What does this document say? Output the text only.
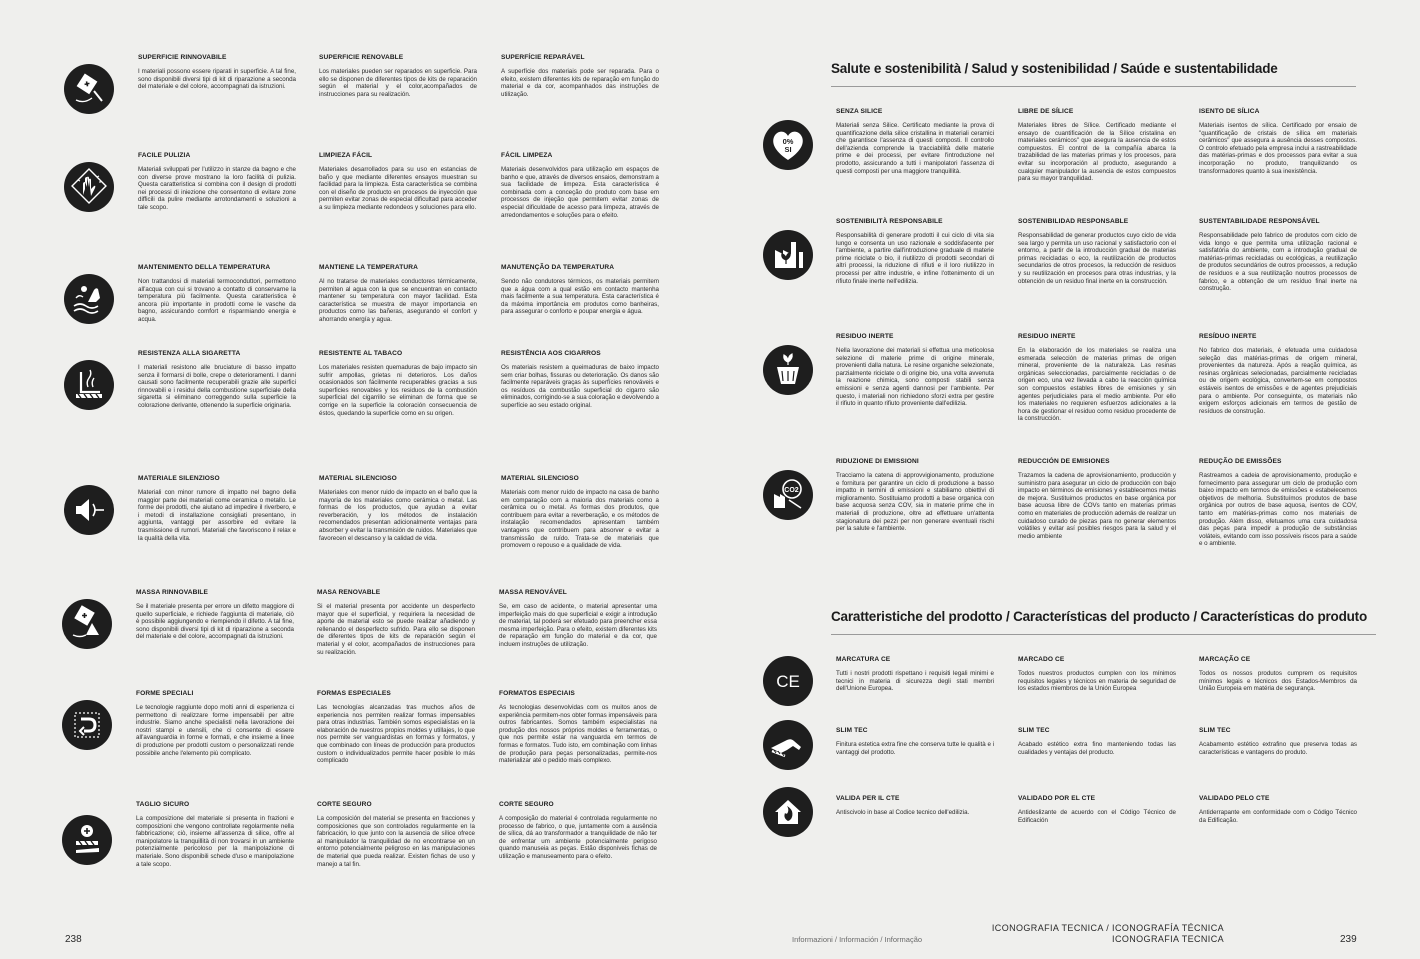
SUPERFICIE RINNOVABILE

I materiali possono essere riparati in superficie. A tal fine, sono disponibili diversi tipi di kit di riparazione a seconda del materiale e del colore, accompagnati da istruzioni.

SUPERFICIE RENOVABLE

Los materiales pueden ser reparados en superficie. Para ello se disponen de diferentes tipos de kits de reparación según el material y el color,acompañados de instrucciones para su realización.

SUPERFÍCIE REPARÁVEL

A superfície dos materiais pode ser reparada. Para o efeito, existem diferentes kits de reparação em função do material e da cor, acompanhados das instruções de utilização.

FACILE PULIZIA

Materiali sviluppati per l'utilizzo in stanze da bagno e che con diverse prove mostrano la loro facilità di pulizia. Questa caratteristica si combina con il design di prodotti nei processi di iniezione che consentono di evitare zone difficili da pulire mediante arrotondamenti e soluzioni a tale scopo.

LIMPIEZA FÁCIL

Materiales desarrollados para su uso en estancias de baño y que mediante diferentes ensayos muestran su facilidad para la limpieza. Esta característica se combina con el diseño de producto en procesos de inyección que permiten evitar zonas de especial dificultad para acceder a su limpieza mediante redondeos y soluciones para ello.

FÁCIL LIMPEZA

Materiais desenvolvidos para utilização em espaços de banho e que, através de diversos ensaios, demonstram a sua facilidade de limpeza. Esta característica é combinada com a conceção do produto com base em processos de injeção que permitem evitar zonas de especial dificuldade de acesso para limpeza, através de arredondamentos e soluções para o efeito.

MANTENIMENTO DELLA TEMPERATURA

Non trattandosi di materiali termoconduttori, permettono all'acqua con cui si trovano a contatto di conservarne la temperatura più facilmente. Questa caratteristica è ancora più importante in prodotti come le vasche da bagno, assicurando comfort e risparmiando energia e acqua.

MANTIENE LA TEMPERATURA

Al no tratarse de materiales conductores térmicamente, permiten al agua con la que se encuentran en contacto mantener su temperatura con mayor facilidad. Esta característica se muestra de mayor importancia en productos como las bañeras, asegurando el confort y ahorrando energía y agua.

MANUTENÇÃO DA TEMPERATURA

Sendo não condutores térmicos, os materiais permitem que a água com a qual estão em contacto mantenha mais facilmente a sua temperatura. Esta característica é da máxima importância em produtos como banheiras, para assegurar o conforto e poupar energia e água.

RESISTENZA ALLA SIGARETTA

I materiali resistono alle bruciature di basso impatto senza il formarsi di bolle, crepe o deterioramenti. I danni causati sono facilmente recuperabili grazie alle superfici rinnovabili e i residui della combustione superficiale della sigaretta si eliminano correggendo sulla superficie la colorazione derivante, ottenendo la superficie originaria.

RESISTENTE AL TABACO

Los materiales resisten quemaduras de bajo impacto sin sufrir ampollas, grietas ni deterioros. Los daños ocasionados son fácilmente recuperables gracias a sus superficies renovables y los residuos de la combustión superficial del cigarrillo se eliminan de forma que se corrige en la superficie la coloración consecuencia de éstos, quedando la superficie como en su origen.

RESISTÊNCIA AOS CIGARROS

Os materiais resistem a queimaduras de baixo impacto sem criar bolhas, fissuras ou deterioração. Os danos são facilmente reparáveis graças às superfícies renováveis e os resíduos da combustão superficial do cigarro são eliminados, corrigindo-se a sua coloração e devolvendo a superfície ao seu estado original.

MATERIALE SILENZIOSO

Materiali con minor rumore di impatto nel bagno della maggior parte dei materiali come ceramica o metallo. Le forme dei prodotti, che aiutano ad impedire il riverbero, e i metodi di installazione consigliati presentano, in aggiunta, vantaggi per assorbire ed evitare la trasmissione di rumori. Materiali che favoriscono il relax e la qualità della vita.

MATERIAL SILENCIOSO

Materiales con menor ruido de impacto en el baño que la mayoría de los materiales como cerámica o metal. Las formas de los productos, que ayudan a evitar reverberación, y los métodos de instalación recomendados presentan adicionalmente ventajas para absorber y evitar la transmisión de ruidos. Materiales que favorecen el descanso y la calidad de vida.

MATERIAL SILENCIOSO

Materiais com menor ruído de impacto na casa de banho em comparação com a maioria dos materiais como a cerâmica ou o metal. As formas dos produtos, que contribuem para evitar a reverberação, e os métodos de instalação recomendados apresentam também vantagens que contribuem para absorver e evitar a transmissão de ruído. Trata-se de materiais que promovem o repouso e a qualidade de vida.

MASSA RINNOVABILE

Se il materiale presenta per errore un difetto maggiore di quello superficiale, e richiede l'aggiunta di materiale, ciò è possibile aggiungendo e riempiendo il difetto. A tal fine, sono disponibili diversi tipi di kit di riparazione a seconda del materiale e del colore, accompagnati da istruzioni.

MASA RENOVABLE

Si el material presenta por accidente un desperfecto mayor que el superficial, y requiriera la necesidad de aporte de material esto se puede realizar añadiendo y rellenando el desperfecto sufrido. Para ello se disponen de diferentes tipos de kits de reparación según el material y el color, acompañados de instrucciones para su realización.

MASSA RENOVÁVEL

Se, em caso de acidente, o material apresentar uma imperfeição mais do que superficial e exigir a introdução de material, tal poderá ser efetuado para preencher essa mesma imperfeição. Para o efeito, existem diferentes kits de reparação em função do material e da cor, que incluem instruções de utilização.

FORME SPECIALI

Le tecnologie raggiunte dopo molti anni di esperienza ci permettono di realizzare forme impensabili per altre industrie. Siamo anche specialisti nella lavorazione dei nostri stampi e utensili, che ci consente di essere all'avanguardia in forme e formati, e che insieme a linee di produzione per prodotti custom o personalizzati rende possibile anche l'elemento più complicato.

FORMAS ESPECIALES

Las tecnologías alcanzadas tras muchos años de experiencia nos permiten realizar formas impensables para otras industrias. También somos especialistas en la elaboración de nuestros propios moldes y utillajes, lo que nos permite ser vanguardistas en formas y formatos, y que combinado con líneas de producción para productos custom o individualizados permite hacer posible lo más complicado

FORMATOS ESPECIAIS

As tecnologias desenvolvidas com os muitos anos de experiência permitem-nos obter formas impensáveis para outros fabricantes. Somos também especialistas na produção dos nossos próprios moldes e ferramentas, o que nos permite estar na vanguarda em termos de formas e formatos. Tudo isto, em combinação com linhas de produção para peças personalizadas, permite-nos materializar até o pedido mais complexo.

TAGLIO SICURO

La composizione del materiale si presenta in frazioni e composizioni che vengono controllate regolarmente nella fabbricazione; ciò, insieme all'assenza di silice, offre al manipolatore la tranquillità di non trovarsi in un ambiente potenzialmente pericoloso per la manipolazione di materiale. Sono disponibili schede d'uso e manipolazione a tale scopo.

CORTE SEGURO

La composición del material se presenta en fracciones y composiciones que son controlados regularmente en la fabricación, lo que junto con la ausencia de sílice ofrece al manipulador la tranquilidad de no encontrarse en un entorno potencialmente peligroso en las manipulaciones de material que pueda realizar. Existen fichas de uso y manejo a tal fin.

CORTE SEGURO

A composição do material é controlada regularmente no processo de fabrico, o que, juntamente com a ausência de sílica, dá ao transformador a tranquilidade de não ter de enfrentar um ambiente potencialmente perigoso quando manuseia as peças. Estão disponíveis fichas de utilização e manuseamento para o efeito.

238
Salute e sostenibilità / Salud y sostenibilidad / Saúde e sustentabilidade
0%
SI
SENZA SILICE

Materiali senza Silice. Certificato mediante la prova di quantificazione della silice cristallina in materiali ceramici che garantisce l'assenza di questi composti. Il controllo dell'azienda comprende la tracciabilità delle materie prime e dei processi, per evitare l'introduzione nel prodotto, assicurando a tutti i manipolatori l'assenza di questi composti per una maggiore tranquillità.

LIBRE DE SÍLICE

Materiales libres de Sílice. Certificado mediante el ensayo de cuantificación de la Sílice cristalina en materiales cerámicos" que asegura la ausencia de estos compuestos. El control de la compañía abarca la trazabilidad de las materias primas y los procesos, para evitar su incorporación al producto, asegurando a cualquier manipulador la ausencia de estos compuestos para su mayor tranquilidad.

ISENTO DE SÍLICA

Materiais isentos de sílica. Certificado por ensaio de "quantificação de cristais de sílica em materiais cerâmicos" que assegura a ausência desses compostos. O controlo efetuado pela empresa inclui a rastreabilidade das matérias-primas e dos processos para evitar a sua incorporação no produto, tranquilizando os transformadores quanto à sua inexistência.

SOSTENIBILITÀ RESPONSABILE

Responsabilità di generare prodotti il cui ciclo di vita sia lungo e consenta un uso razionale e soddisfacente per l'ambiente, a partire dall'introduzione graduale di materie prime riciclate o bio, il riutilizzo di prodotti secondari di altri processi, la riduzione di rifiuti e il loro riutilizzo in processi per altre industrie, e infine l'ottenimento di un rifiuto finale inerte nell'edilizia.

SOSTENIBILIDAD RESPONSABLE

Responsabilidad de generar productos cuyo ciclo de vida sea largo y permita un uso racional y satisfactorio con el entorno, a partir de la introducción gradual de materias primas recicladas o eco, la reutilización de productos secundarios de otros procesos, la reducción de residuos y su reutilización en procesos para otras industrias, y la obtención de un residuo final inerte en la construcción.

SUSTENTABILIDADE RESPONSÁVEL

Responsabilidade pelo fabrico de produtos com ciclo de vida longo e que permita uma utilização racional e satisfatória do ambiente, com a introdução gradual de matérias-primas recicladas ou ecológicas, a reutilização de produtos secundários de outros processos, a redução de resíduos e a sua reutilização noutros processos de fabrico, e a obtenção de um resíduo final inerte na construção.

RESIDUO INERTE

Nella lavorazione dei materiali si effettua una meticolosa selezione di materie prime di origine minerale, provenienti dalla natura. Le resine organiche selezionate, parzialmente riciclate o di origine bio, una volta avvenuta la reazione chimica, sono composti stabili senza emissioni e senza agenti dannosi per l'ambiente. Per questo, i materiali non richiedono sforzi extra per gestire il rifiuto in quanto rifiuto proveniente dall'edilizia.

RESIDUO INERTE

En la elaboración de los materiales se realiza una esmerada selección de materias primas de origen mineral, proveniente de la naturaleza. Las resinas orgánicas seleccionadas, parcialmente recicladas o de origen eco, una vez llevada a cabo la reacción química son compuestos estables libres de emisiones y sin agentes perjudiciales para el medio ambiente. Por ello los materiales no requieren esfuerzos adicionales a la hora de gestionar el residuo como residuo procedente de la construcción.

RESÍDUO INERTE

No fabrico dos materiais, é efetuada uma cuidadosa seleção das matérias-primas de origem mineral, provenientes da natureza. Após a reação química, as resinas orgânicas selecionadas, parcialmente recicladas ou de origem ecológica, convertem-se em compostos estáveis isentos de emissões e de agentes prejudiciais para o ambiente. Por conseguinte, os materiais não exigem esforços adicionais em termos de gestão de resíduos de construção.

CO2
RIDUZIONE DI EMISSIONI

Tracciamo la catena di approvvigionamento, produzione e fornitura per garantire un ciclo di produzione a basso impatto in termini di emissioni e stabiliamo obiettivi di miglioramento. Sostituiamo prodotti a base organica con base acquosa senza COV, sia in materie prime che in materiali di produzione, oltre ad effettuare un'attenta stagionatura dei pezzi per non generare eventuali rischi per la salute e l'ambiente.

REDUCCIÓN DE EMISIONES

Trazamos la cadena de aprovisionamiento, producción y suministro para asegurar un ciclo de producción con bajo impacto en términos de emisiones y establecemos metas de mejora. Sustituimos productos en base orgánica por base acuosa libre de COVs tanto en materias primas como en materiales de producción además de realizar un cuidadoso curado de piezas para no generar elementos volátiles y evitar así posibles riesgos para la salud y el medio ambiente

REDUÇÃO DE EMISSÕES

Rastreamos a cadeia de aprovisionamento, produção e fornecimento para assegurar um ciclo de produção com baixo impacto em termos de emissões e estabelecemos objetivos de melhoria. Substituímos produtos de base orgânica por outros de base aquosa, isentos de COV, tanto em matérias-primas como nos materiais de produção. Além disso, efetuamos uma cura cuidadosa das peças para impedir a produção de substâncias voláteis, evitando com isso possíveis riscos para a saúde e o ambiente.

Caratteristiche del prodotto / Características del producto / Características do produto
CE
MARCATURA CE

Tutti i nostri prodotti rispettano i requisiti legali minimi e tecnici in materia di sicurezza degli stati membri dell'Unione Europea.

MARCADO CE

Todos nuestros productos cumplen con los mínimos requisitos legales y técnicos en materia de seguridad de los estados miembros de la Unión Europea

MARCAÇÃO CE

Todos os nossos produtos cumprem os requisitos mínimos legais e técnicos dos Estados-Membros da União Europeia em matéria de segurança.

SLIM TEC

Finitura estetica extra fine che conserva tutte le qualità e i vantaggi del prodotto.

SLIM TEC

Acabado estético extra fino manteniendo todas las cualidades y ventajas del producto.

SLIM TEC

Acabamento estético extrafino que preserva todas as características e vantagens do produto.

VALIDA PER IL CTE

Antiscivolo in base al Codice tecnico dell'edilizia.

VALIDADO POR EL CTE

Antideslizante de acuerdo con el Código Técnico de Edificación

VALIDADO PELO CTE

Antiderrapante em conformidade com o Código Técnico da Edificação.

Informazioni / Información / Informação
ICONOGRAFIA TECNICA / ICONOGRAFÍA TÉCNICA
ICONOGRAFIA TECNICA	239
